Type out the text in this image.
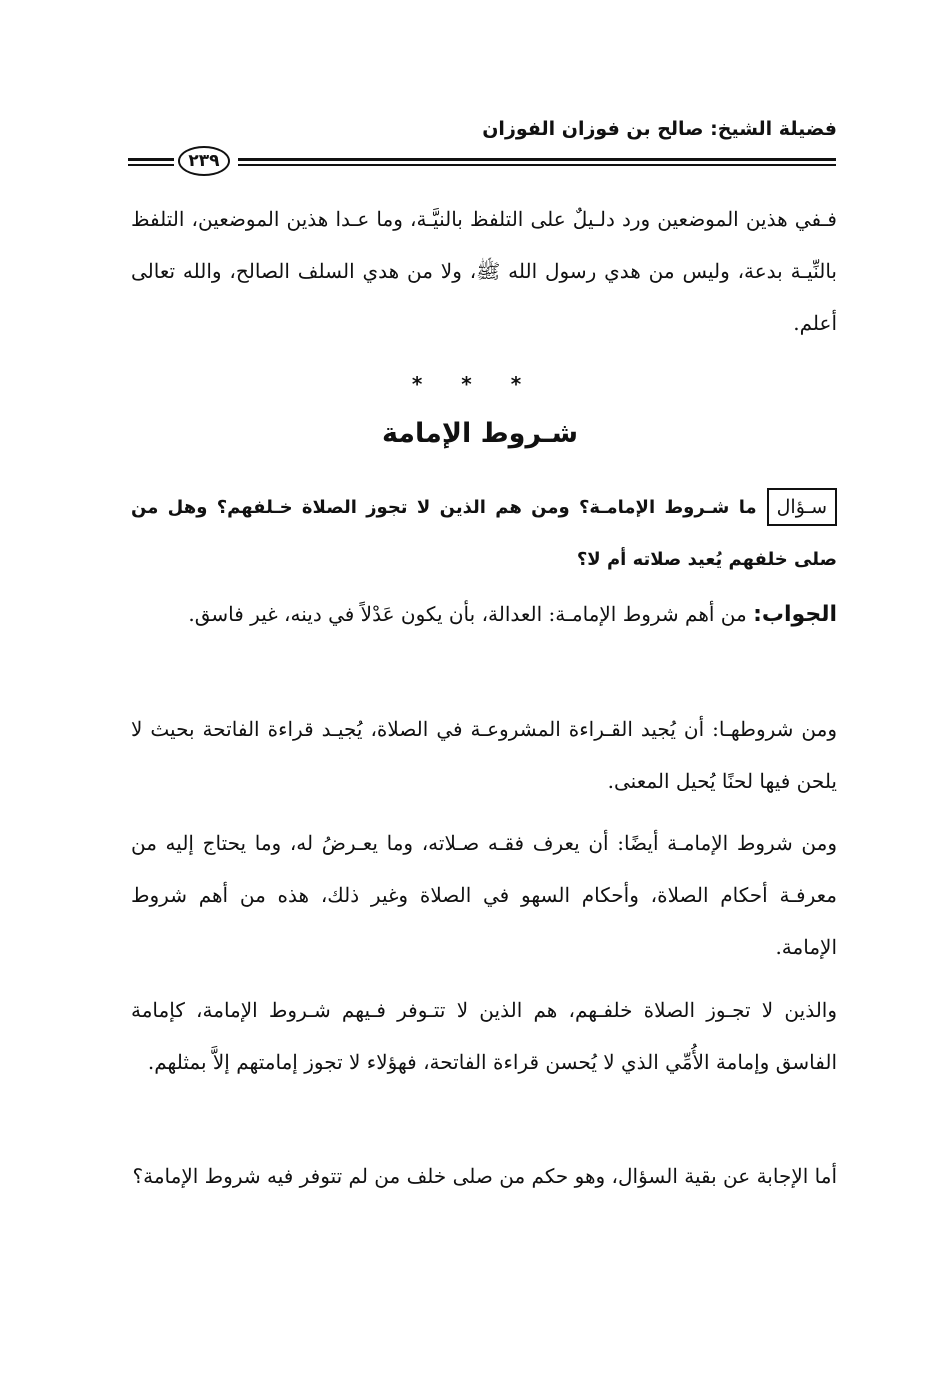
فضيلة الشيخ: صالح بن فوزان الفوزان
٢٣٩

فـفي هذين الموضعين ورد دلـيلٌ على التلفظ بالنيَّـة، وما عـدا هذين الموضعين، التلفظ بالنِّيـة بدعة، وليس من هدي رسول الله ﷺ، ولا من هدي السلف الصالح، والله تعالى أعلم.

* * *
شـروط الإمامة
سـؤالما شـروط الإمامـة؟ ومن هم الذين لا تجوز الصلاة خـلفهم؟ وهل من صلى خلفهم يُعيد صلاته أم لا؟

الجواب: من أهم شروط الإمامـة: العدالة، بأن يكون عَدْلاً في دينه، غير فاسق.

ومن شروطهـا: أن يُجيد القـراءة المشروعـة في الصلاة، يُجيـد قراءة الفاتحة بحيث لا يلحن فيها لحنًا يُحيل المعنى.

ومن شروط الإمامـة أيضًا: أن يعرف فقـه صـلاته، وما يعـرضُ له، وما يحتاج إليه من معرفـة أحكام الصلاة، وأحكام السهو في الصلاة وغير ذلك، هذه من أهم شروط الإمامة.

والذين لا تجـوز الصلاة خلفـهم، هم الذين لا تتـوفر فـيهم شـروط الإمامة، كإمامة الفاسق وإمامة الأُمِّي الذي لا يُحسن قراءة الفاتحة، فهؤلاء لا تجوز إمامتهم إلاَّ بمثلهم.

أما الإجابة عن بقية السؤال، وهو حكم من صلى خلف من لم تتوفر فيه شروط الإمامة؟
